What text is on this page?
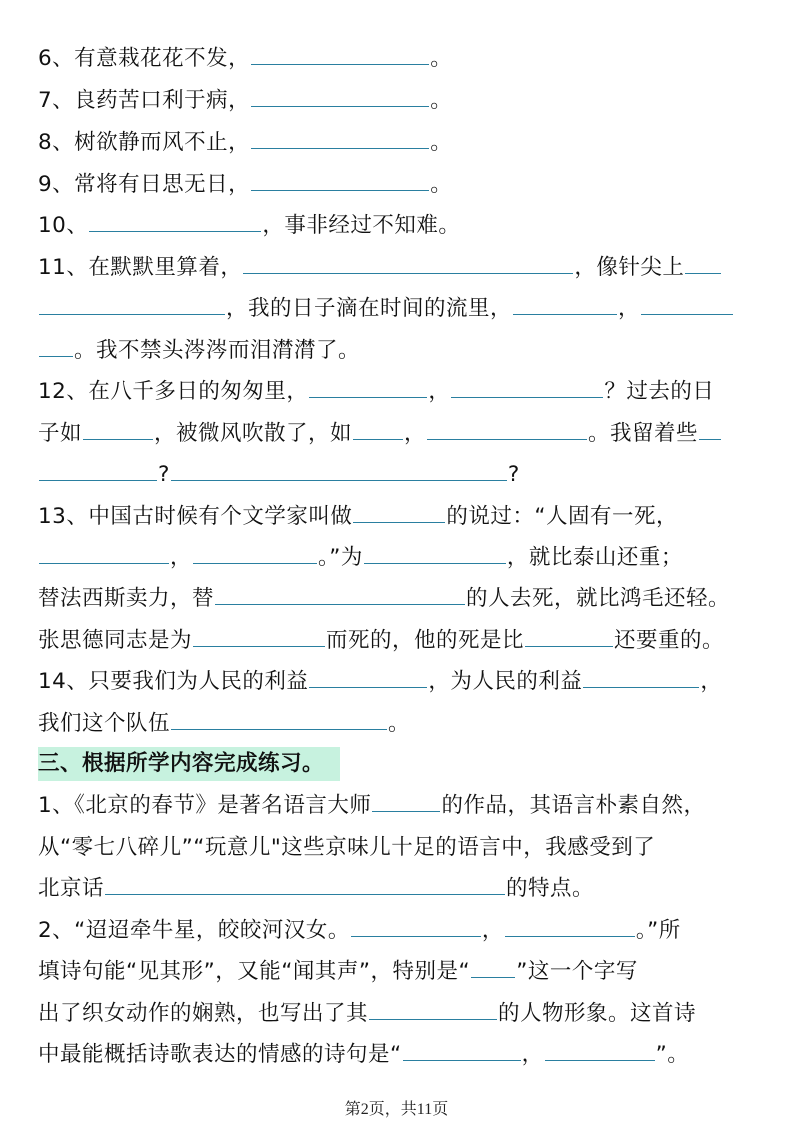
6、有意栽花花不发，	。
7、良药苦口利于病，	。
8、树欲静而风不止，	。
9、常将有日思无日，	。
10、	，事非经过不知难。
11、在默默里算着，	，像针尖上
，我的日子滴在时间的流里，	，
。我不禁头涔涔而泪潸潸了。
12、在八千多日的匆匆里，	，	？过去的日
子如	，被微风吹散了，如 ，	。我留着些
?	?
13、中国古时候有个文学家叫做	的说过：“人固有一死，
，	。”为	，就比泰山还重；
替法西斯卖力，替	的人去死，就比鸿毛还轻。
张思德同志是为	而死的，他的死是比	还要重的。
14、只要我们为人民的利益	，为人民的利益	，
我们这个队伍	。
三、根据所学内容完成练习。
1、《北京的春节》是著名语言大师	的作品，其语言朴素自然，
从“零七八碎儿”“玩意儿"这些京味儿十足的语言中，我感受到了
北京话	的特点。
2、“迢迢牵牛星，皎皎河汉女。	，	。”所
填诗句能“见其形”，又能“闻其声”，特别是“ ”这一个字写
出了织女动作的娴熟，也写出了其	的人物形象。这首诗
中最能概括诗歌表达的情感的诗句是“	，	”。
第2页，共11页
